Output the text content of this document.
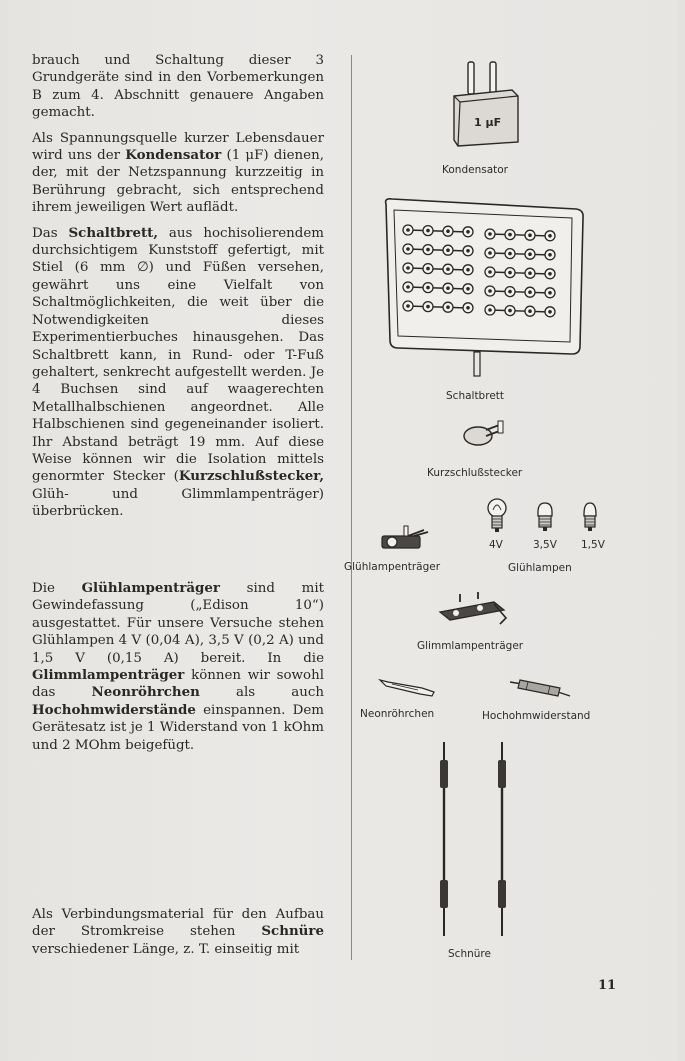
brauch und Schaltung dieser 3 Grundgeräte sind in den Vorbemerkungen B zum 4. Abschnitt genauere Angaben gemacht.

Als Spannungsquelle kurzer Lebensdauer wird uns der Kondensator (1 μF) dienen, der, mit der Netzspannung kurzzeitig in Berührung gebracht, sich entsprechend ihrem jeweiligen Wert auflädt.

Das Schaltbrett, aus hochisolierendem durchsichtigem Kunststoff gefertigt, mit Stiel (6 mm ∅) und Füßen versehen, gewährt uns eine Vielfalt von Schaltmöglichkeiten, die weit über die Notwendigkeiten dieses Experimentierbuches hinausgehen. Das Schaltbrett kann, in Rund- oder T-Fuß gehaltert, senkrecht aufgestellt werden. Je 4 Buchsen sind auf waagerechten Metallhalbschienen angeordnet. Alle Halbschienen sind gegeneinander isoliert. Ihr Abstand beträgt 19 mm. Auf diese Weise können wir die Isolation mittels genormter Stecker (Kurzschlußstecker, Glüh- und Glimmlampenträger) überbrücken.

Die Glühlampenträger sind mit Gewindefassung („Edison 10“) ausgestattet. Für unsere Versuche stehen Glühlampen 4 V (0,04 A), 3,5 V (0,2 A) und 1,5 V (0,15 A) bereit. In die Glimmlampenträger können wir sowohl das Neonröhrchen als auch Hochohmwiderstände einspannen. Dem Gerätesatz ist je 1 Widerstand von 1 kOhm und 2 MOhm beigefügt.

Als Verbindungsmaterial für den Aufbau der Stromkreise stehen Schnüre verschiedener Länge, z. T. einseitig mit

1 μF
Kondensator
Schaltbrett
Kurzschlußstecker
Glühlampenträger
4V	3,5V 1,5V
Glühlampen
Glimmlampenträger
Neonröhrchen	Hochohmwiderstand
Schnüre
11
